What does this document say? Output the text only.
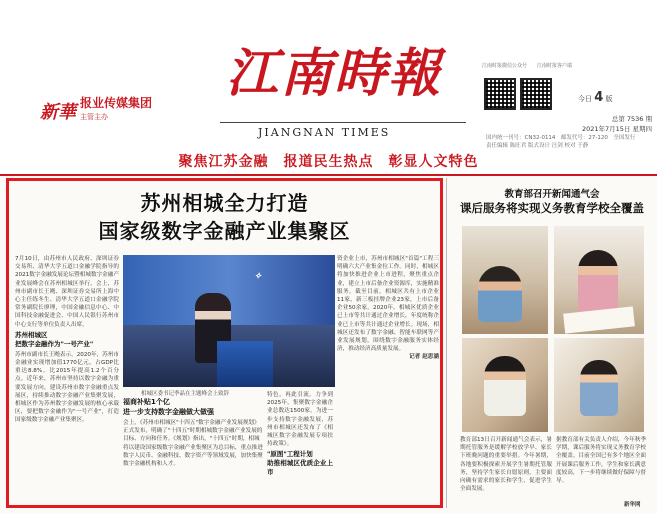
新華 报业传媒集团
主管主办
江南時報
JIANGNAN TIMES
江南时报微信公众号　　江南时报客户端
今日 4 版
总第 7536 期
2021年7月15日 星期四
国内统一刊号：CN32-0114　邮发代号：27-120　全国发行
责任编辑 陈旺君 版式设计 汪剑 校对 于静
聚焦江苏金融　报道民生热点　彰显人文特色
苏州相城全力打造
国家级数字金融产业集聚区

7月10日，由苏州市人民政府、深圳证券交易所、清华大学五道口金融学院指导的2021数字金融发展论坛暨相城数字金融产业发展峰会在苏州相城区举行。会上，苏州市副市长王飏、深圳证券交易所上海中心主任练冬生、清华大学五道口金融学院常务副院长廖理，中国金融信息中心、中国科技金融促进会、中国人民银行苏州市中心支行等单位负责人出席，

苏州相城区
把数字金融作为"一号产业"

苏州市副市长王飏表示，2020年，苏州市金融业实现增加值1770亿元，占GDP比重达8.8%，比2015年提高1.2个百分点。近年来，苏州市坚持以数字金融为重要发展方向，建设苏州市数字金融重点发展区，持续推动数字金融产业集聚发展，相城区作为苏州数字金融发展的核心承载区，要把数字金融作为"一号产业"，打造国家级数字金融产业集聚区。

⟡
相城区委书记季晶在主题峰会上致辞
福商补贴1个亿
进一步支持数字金融做大做强

会上，《苏州市相城区"十四五"数字金融产业发展规划》正式发布，明确了"十四五"时期相城数字金融产业发展的目标、方向和任务。《规划》指出，"十四五"时期，相城将以建设国家级数字金融产业集聚区为总目标，重点推进数字人民币、金融科技、数字资产等领域发展，加快集聚数字金融机构和人才。

特色，再此引流。力争到2025年，集聚数字金融企业总数达1500家。为进一步支持数字金融发展，苏州市相城区还发布了《相城区数字金融发展专项扶持政策》。

"原图"工程计划
助推相城区优质企业上市

资企业上市，苏州市相城区"首篇"工程三明确六大产业集金位工作。同时，相城区将加快推进企业上市进程，聚焦重点企业，建立上市后备企业资源库，实施精准服务。截至目前，相城区共有上市企业11家，新三板挂牌企业23家，上市后备企业50余家。2020年，相城区优质企业已上市等共计通过企业增长，年度统称企业已上市等共计通过企业增长。现场，相城区还发布了数字金融、智能车联网等产业发展规划，围绕数字金融服务实体经济，推动经济高质量发展。

记者 赵思涵

教育部召开新闻通气会
课后服务将实现义务教育学校全覆盖
教育部13日召开新闻通气会表示，暑期托管服务是缓解学校放学早、家长下班晚问题的重要举措。今年暑期，各地要积极探索开展学生暑期托管服务，坚持学生家长自愿原则，主要面向确有需求的家长和学生，促进学生全面发展。
据教育部有关负责人介绍，今年秋季学期，课后服务将实现义务教育学校全覆盖。目前全国已有多个地区全面开展课后服务工作，学生和家长满意度较高，下一步将继续做好保障与督导。
新华网
